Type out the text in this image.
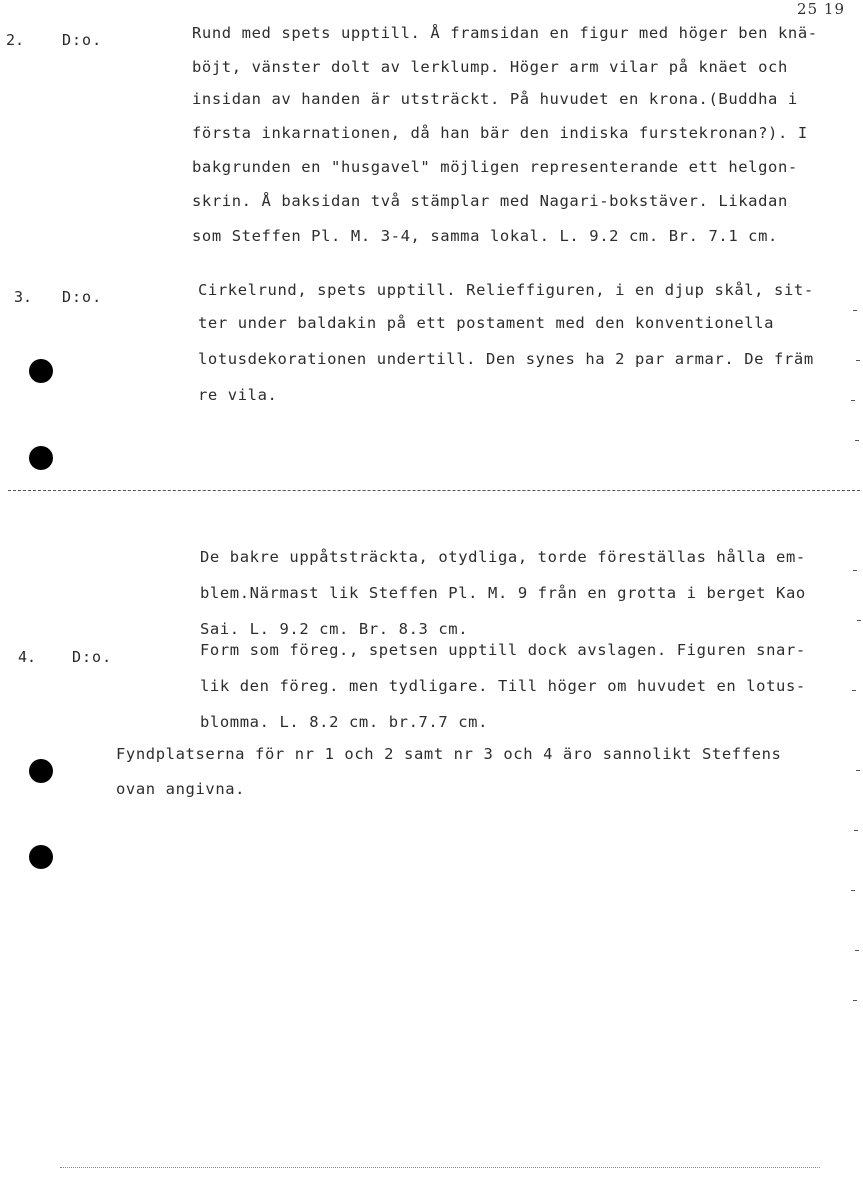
25 19
2.	D:o.	Rund med spets upptill. Å framsidan en figur med höger ben knä-
böjt, vänster dolt av lerklump. Höger arm vilar på knäet och
insidan av handen är utsträckt. På huvudet en krona.(Buddha i
första inkarnationen, då han bär den indiska furstekronan?). I
bakgrunden en "husgavel" möjligen representerande ett helgon-
skrin. Å baksidan två stämplar med Nagari-bokstäver. Likadan
som Steffen Pl. M. 3-4, samma lokal. L. 9.2 cm. Br. 7.1 cm.
3. D:o.	Cirkelrund, spets upptill. Relieffiguren, i en djup skål, sit-
ter under baldakin på ett postament med den konventionella
lotusdekorationen undertill. Den synes ha 2 par armar. De främ
re vila.
De bakre uppåtsträckta, otydliga, torde föreställas hålla em-
blem.Närmast lik Steffen Pl. M. 9 från en grotta i berget Kao
Sai. L. 9.2 cm. Br. 8.3 cm.
4. D:o.	Form som föreg., spetsen upptill dock avslagen. Figuren snar-
lik den föreg. men tydligare. Till höger om huvudet en lotus-
blomma. L. 8.2 cm. br.7.7 cm.
Fyndplatserna för nr 1 och 2 samt nr 3 och 4 äro sannolikt Steffens
ovan angivna.
